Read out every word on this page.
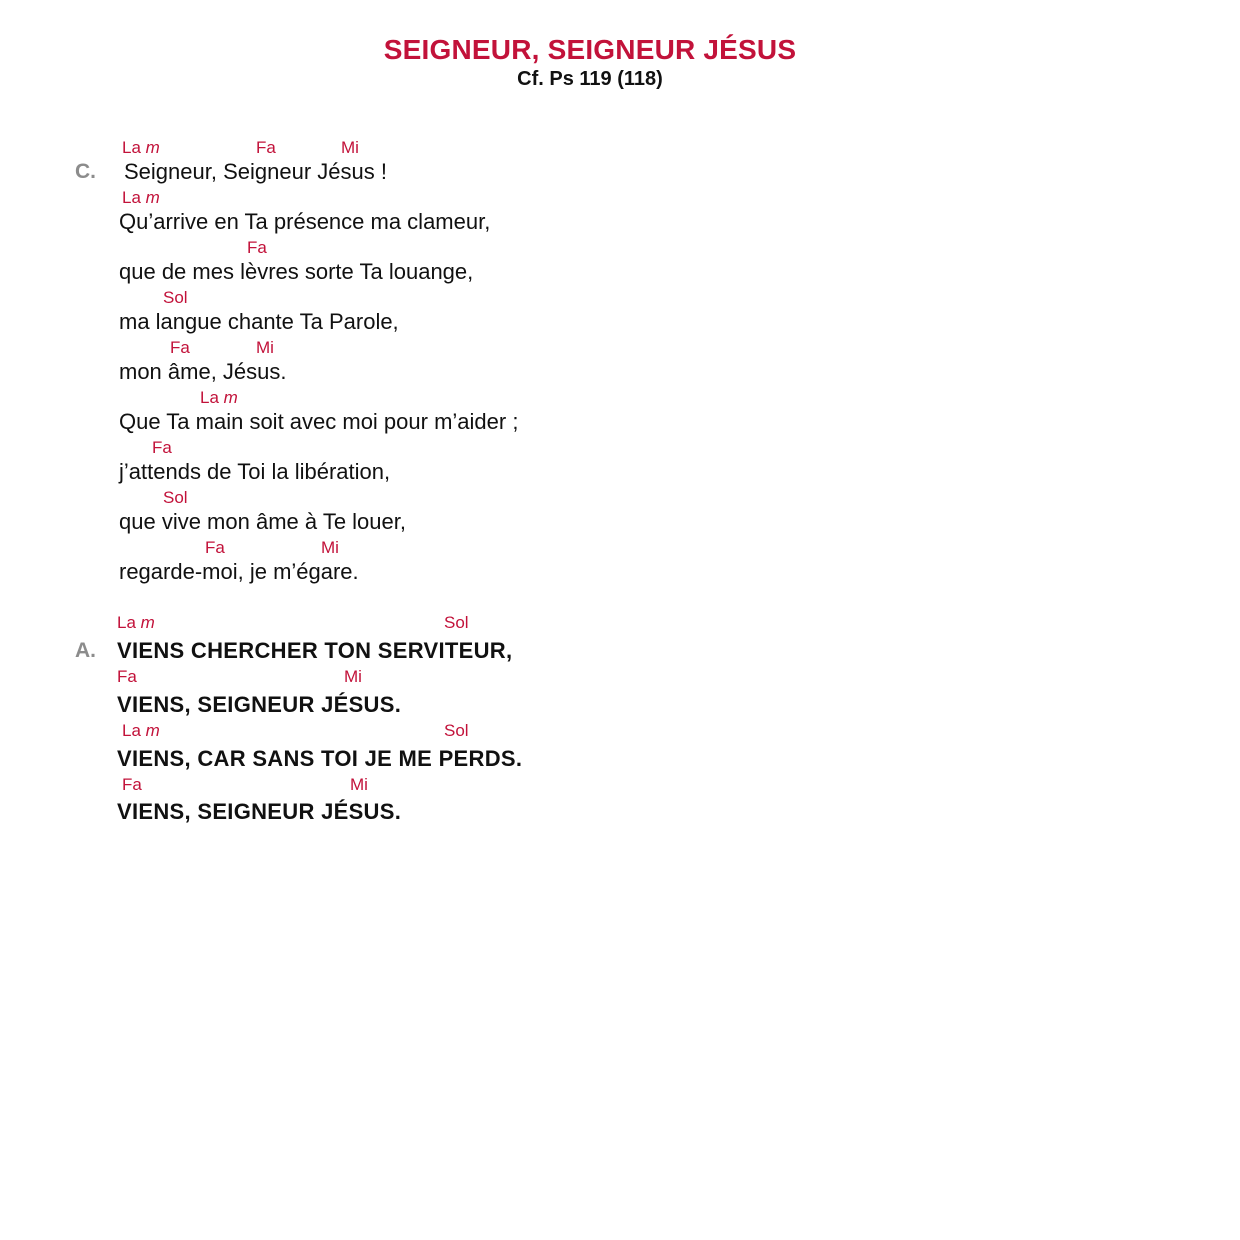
SEIGNEUR, SEIGNEUR JÉSUS
Cf. Ps 119 (118)
C.
La m	Fa	Mi
Seigneur, Seigneur Jésus !
La m
Qu’arrive en Ta présence ma clameur,
Fa
que de mes lèvres sorte Ta louange,
Sol
ma langue chante Ta Parole,
Fa	Mi
mon âme, Jésus.
La m
Que Ta main soit avec moi pour m’aider ;
Fa
j’attends de Toi la libération,
Sol
que vive mon âme à Te louer,
Fa	Mi
regarde-moi, je m’égare.
A.
La m	Sol
VIENS CHERCHER TON SERVITEUR,
Fa	Mi
VIENS, SEIGNEUR JÉSUS.
La m	Sol
VIENS, CAR SANS TOI JE ME PERDS.
Fa	Mi
VIENS, SEIGNEUR JÉSUS.
